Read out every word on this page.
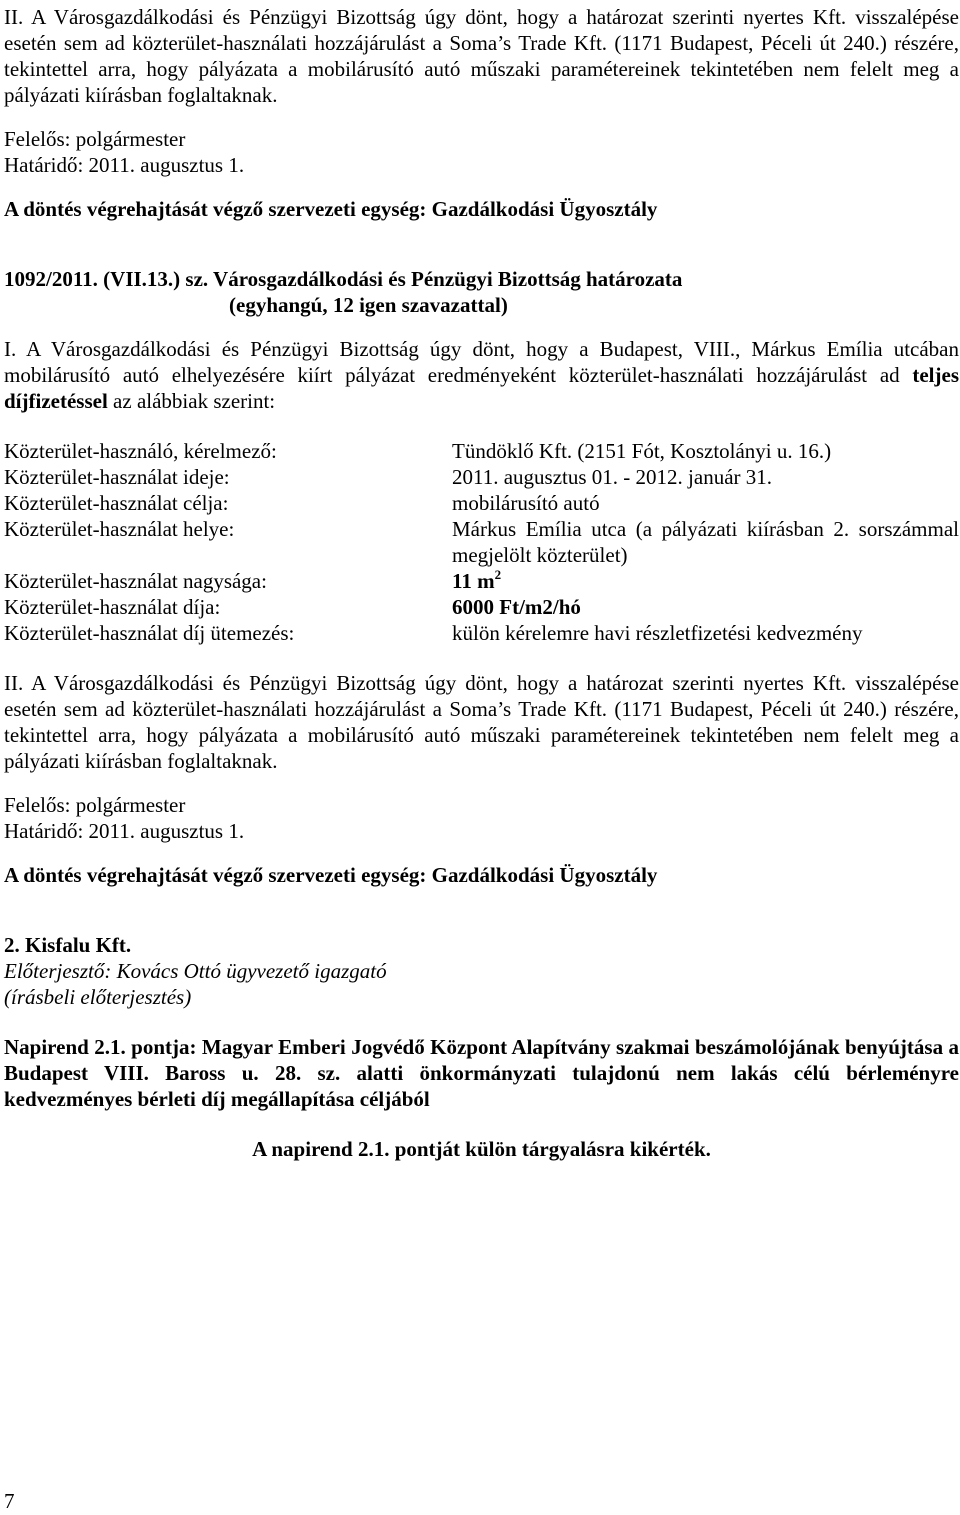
II. A Városgazdálkodási és Pénzügyi Bizottság úgy dönt, hogy a határozat szerinti nyertes Kft. visszalépése esetén sem ad közterület-használati hozzájárulást a Soma’s Trade Kft. (1171 Budapest, Péceli út 240.) részére, tekintettel arra, hogy pályázata a mobilárusító autó műszaki paramétereinek tekintetében nem felelt meg a pályázati kiírásban foglaltaknak.

Felelős: polgármester

Határidő: 2011. augusztus 1.

A döntés végrehajtását végző szervezeti egység: Gazdálkodási Ügyosztály

1092/2011. (VII.13.) sz. Városgazdálkodási és Pénzügyi Bizottság határozata

(egyhangú, 12 igen szavazattal)

I. A Városgazdálkodási és Pénzügyi Bizottság úgy dönt, hogy a Budapest, VIII., Márkus Emília utcában mobilárusító autó elhelyezésére kiírt pályázat eredményeként közterület-használati hozzájárulást ad teljes díjfizetéssel az alábbiak szerint:

Közterület-használó, kérelmező:	Tündöklő Kft. (2151 Fót, Kosztolányi u. 16.)
Közterület-használat ideje:	2011. augusztus 01. - 2012. január 31.
Közterület-használat célja:	mobilárusító autó
Közterület-használat helye:	Márkus Emília utca (a pályázati kiírásban 2. sorszámmal megjelölt közterület)
Közterület-használat nagysága:	11 $m^2$
Közterület-használat díja:	6000 Ft/m2/hó
Közterület-használat díj ütemezés:	külön kérelemre havi részletfizetési kedvezmény

II. A Városgazdálkodási és Pénzügyi Bizottság úgy dönt, hogy a határozat szerinti nyertes Kft. visszalépése esetén sem ad közterület-használati hozzájárulást a Soma’s Trade Kft. (1171 Budapest, Péceli út 240.) részére, tekintettel arra, hogy pályázata a mobilárusító autó műszaki paramétereinek tekintetében nem felelt meg a pályázati kiírásban foglaltaknak.

Felelős: polgármester

Határidő: 2011. augusztus 1.

A döntés végrehajtását végző szervezeti egység: Gazdálkodási Ügyosztály

2. Kisfalu Kft.

Előterjesztő: Kovács Ottó ügyvezető igazgató

(írásbeli előterjesztés)

Napirend 2.1. pontja: Magyar Emberi Jogvédő Központ Alapítvány szakmai beszámolójának benyújtása a Budapest VIII. Baross u. 28. sz. alatti önkormányzati tulajdonú nem lakás célú bérleményre kedvezményes bérleti díj megállapítása céljából

A napirend 2.1. pontját külön tárgyalásra kikérték.

7
